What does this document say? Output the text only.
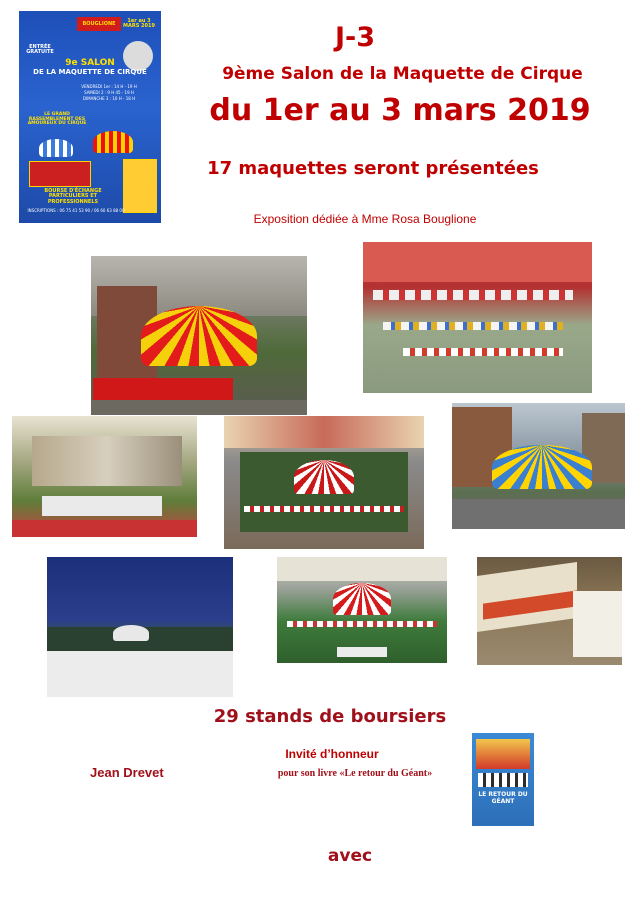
BOUGLIONE	1er au 3 MARS 2019
ENTRÉE GRATUITE
9e SALON
DE LA MAQUETTE DE CIRQUE
VENDREDI 1er : 14 H - 19 H
SAMEDI 2 : 9 H 45 - 19 H
DIMANCHE 3 : 10 H - 18 H
LE GRAND RASSEMBLEMENT DES AMOUREUX DU CIRQUE
BOURSE D'ÉCHANGE PARTICULIERS ET PROFESSIONNELS
INSCRIPTIONS : 06 75 41 53 90 / 06 60 63 88 00
J-3
9ème Salon de la Maquette de Cirque
du 1er au 3 mars 2019
17 maquettes seront présentées
Exposition dédiée à Mme Rosa Bouglione
29 stands de boursiers
Invité d’honneur
Jean Drevet	pour son livre «Le retour du Géant»
LE RETOUR DU GÉANT
avec
